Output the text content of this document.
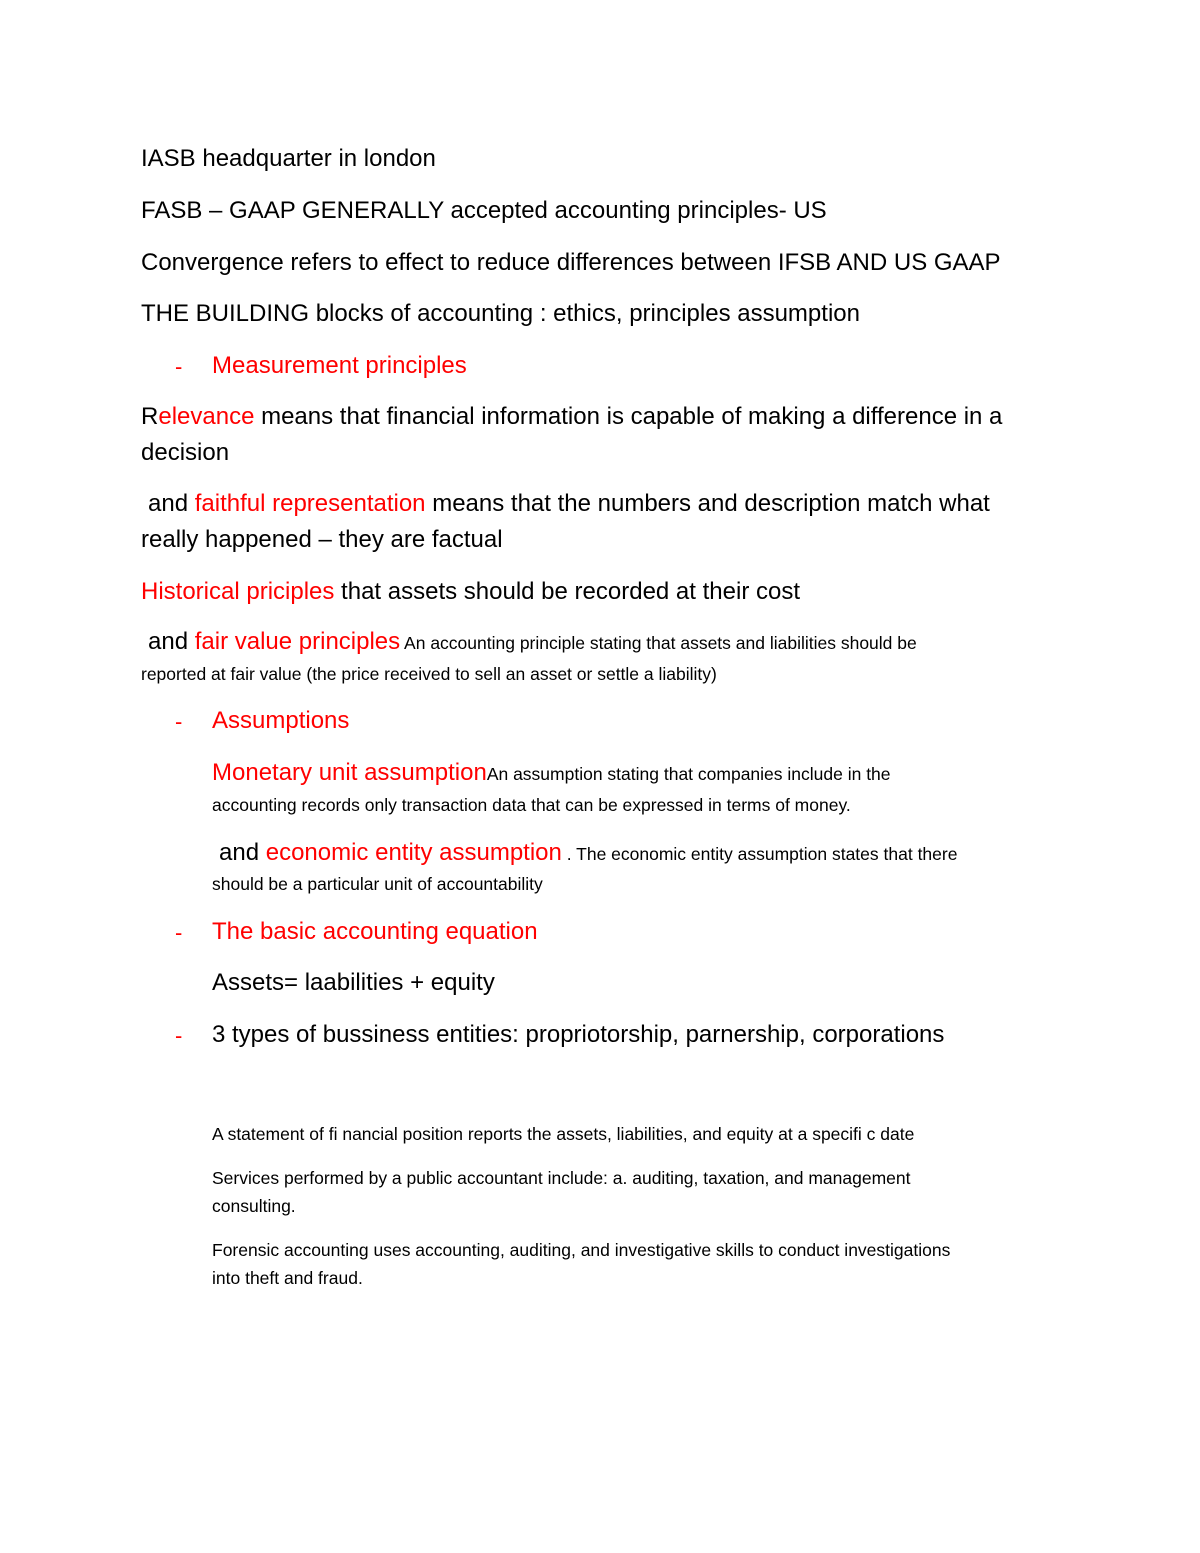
IASB headquarter in london

FASB – GAAP GENERALLY accepted accounting principles- US

Convergence refers to effect to reduce differences between IFSB AND US GAAP

THE BUILDING blocks of accounting : ethics, principles assumption

- Measurement principles

Relevance means that financial information is capable of making a difference in a

decision

and faithful representation means that the numbers and description match what

really happened – they are factual

Historical priciples that assets should be recorded at their cost

and fair value principles An accounting principle stating that assets and liabilities should be

reported at fair value (the price received to sell an asset or settle a liability)

- Assumptions

Monetary unit assumptionAn assumption stating that companies include in the

accounting records only transaction data that can be expressed in terms of money.

and economic entity assumption . The economic entity assumption states that there

should be a particular unit of accountability

- The basic accounting equation

Assets= laabilities + equity

- 3 types of bussiness entities: propriotorship, parnership, corporations

A statement of fi nancial position reports the assets, liabilities, and equity at a specifi c date

Services performed by a public accountant include: a. auditing, taxation, and management

consulting.

Forensic accounting uses accounting, auditing, and investigative skills to conduct investigations

into theft and fraud.
